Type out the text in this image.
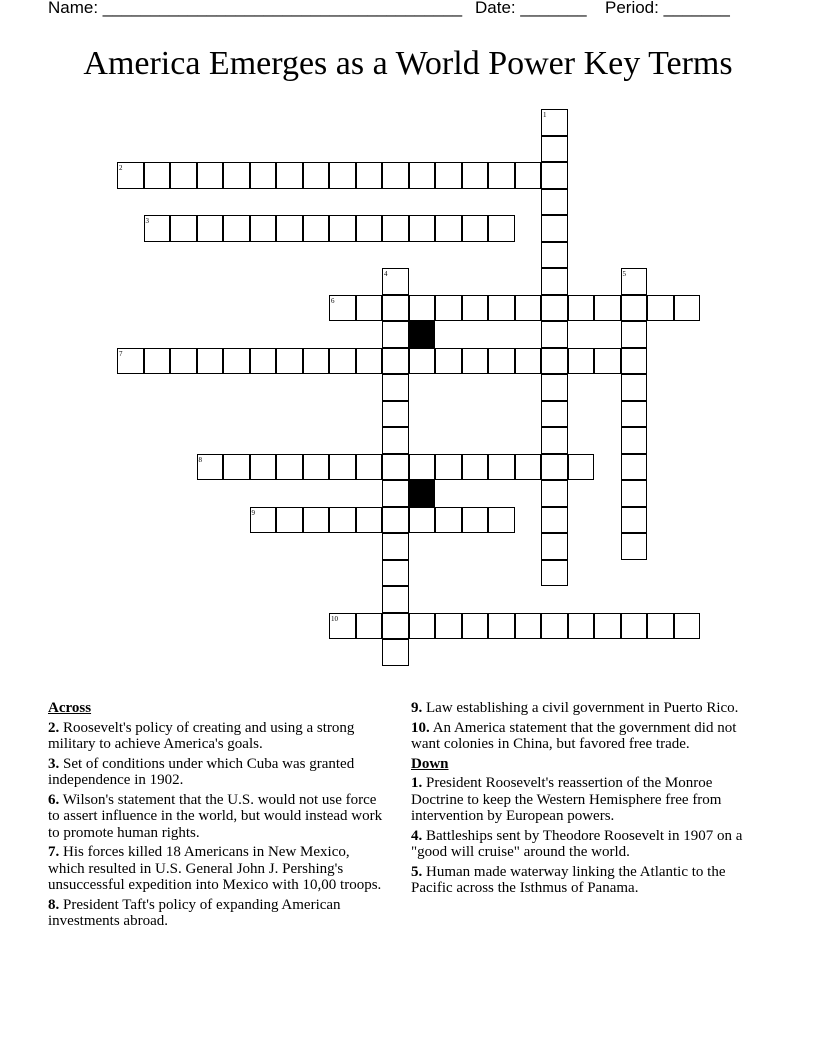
Name: ______________________________________

Date: _______

Period: _______

America Emerges as a World Power Key Terms
1
2
3
4	5
6
7
8
9
10
Across
2. Roosevelt's policy of creating and using a strong military to achieve America's goals.
3. Set of conditions under which Cuba was granted independence in 1902.
6. Wilson's statement that the U.S. would not use force to assert influence in the world, but would instead work to promote human rights.
7. His forces killed 18 Americans in New Mexico, which resulted in U.S. General John J. Pershing's unsuccessful expedition into Mexico with 10,00 troops.
8. President Taft's policy of expanding American investments abroad.
9. Law establishing a civil government in Puerto Rico.
10. An America statement that the government did not want colonies in China, but favored free trade.
Down
1. President Roosevelt's reassertion of the Monroe Doctrine to keep the Western Hemisphere free from intervention by European powers.
4. Battleships sent by Theodore Roosevelt in 1907 on a "good will cruise" around the world.
5. Human made waterway linking the Atlantic to the Pacific across the Isthmus of Panama.
